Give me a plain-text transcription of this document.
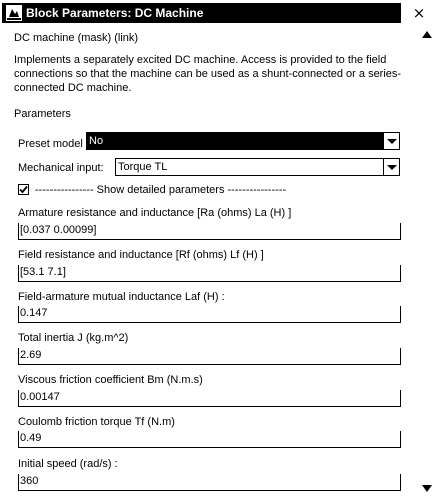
Block Parameters: DC Machine	×
DC machine (mask) (link)
Implements a separately excited DC machine. Access is provided to the field connections so that the machine can be used as a shunt-connected or a series-connected DC machine.
Parameters
Preset model No
Mechanical input: Torque TL
---------------- Show detailed parameters ----------------
Armature resistance and inductance [Ra (ohms) La (H) ]
[0.037 0.00099]
Field resistance and inductance [Rf (ohms) Lf (H) ]
[53.1 7.1]
Field-armature mutual inductance Laf (H) :
0.147
Total inertia J (kg.m^2)
2.69
Viscous friction coefficient Bm (N.m.s)
0.00147
Coulomb friction torque Tf (N.m)
0.49
Initial speed (rad/s) :
360
